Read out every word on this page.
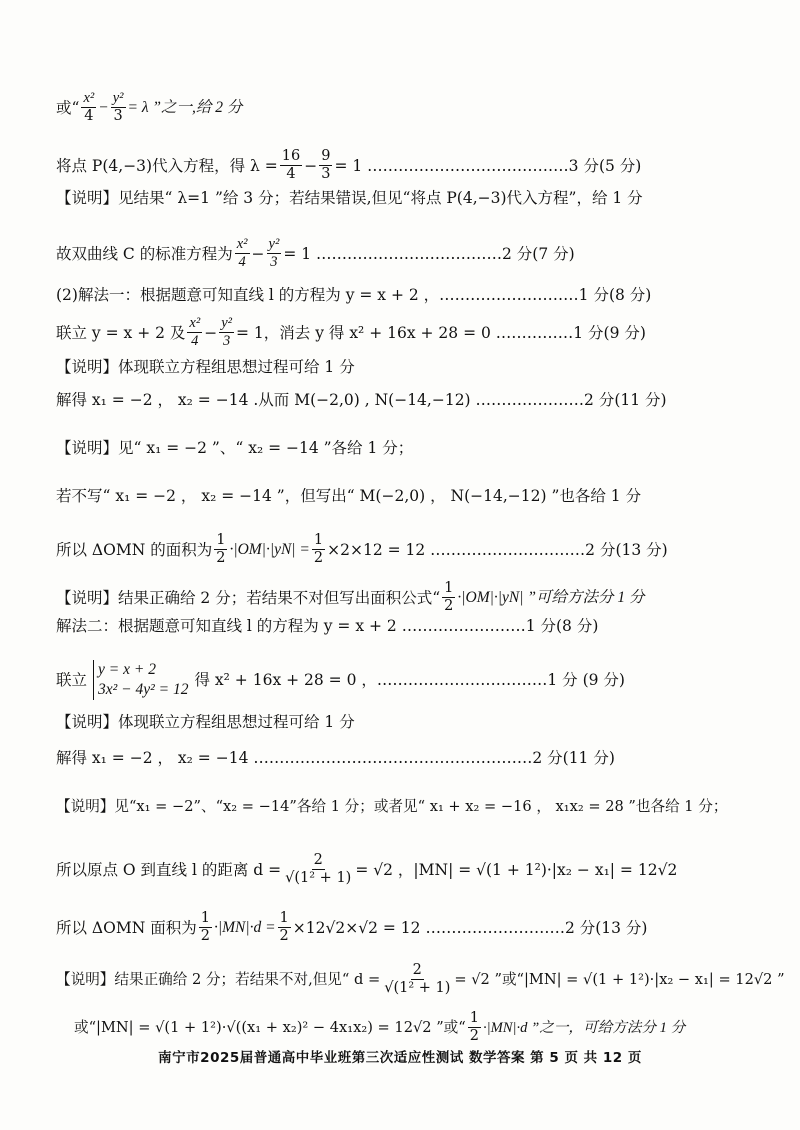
或“ $\frac{\text{x²}}{4} - \frac{\text{y²}}{3} = \lambda$ ”之一,给 2 分
将点 P(4,−3)代入方程，得 $\lambda = \frac{16}{4} - \frac{9}{3} = 1$ …………………………………3 分(5 分)
【说明】见结果“ λ=1 ”给 3 分；若结果错误,但见“将点 P(4,−3)代入方程”，给 1 分
故双曲线 C 的标准方程为 $\frac{\text{x²}}{4} - \frac{\text{y²}}{3} = 1$ ………………………………2 分(7 分)
(2)解法一：根据题意可知直线 l 的方程为 y = x + 2 ，………………………1 分(8 分)
联立 y = x + 2 及 $\frac{\text{x²}}{4} - \frac{\text{y²}}{3} = 1$，消去 y 得 x² + 16x + 28 = 0 ……………1 分(9 分)
【说明】体现联立方程组思想过程可给 1 分
解得 x₁ = −2 ， x₂ = −14 .从而 M(−2,0) , N(−14,−12) …………………2 分(11 分)
【说明】见“ x₁ = −2 ”、“ x₂ = −14 ”各给 1 分；
若不写“ x₁ = −2 ， x₂ = −14 ”，但写出“ M(−2,0) ， N(−14,−12) ”也各给 1 分
所以 ΔOMN 的面积为 $\frac{1}{2} \cdot|OM|\cdot|yN| = \frac{1}{2} \times 2\times 12 = 12$ …………………………2 分(13 分)
【说明】结果正确给 2 分；若结果不对但写出面积公式“ $\frac{1}{2} \cdot|OM|\cdot|yN|$ ”可给方法分 1 分
解法二：根据题意可知直线 l 的方程为 y = x + 2 ……………………1 分(8 分)
联立
y = x + 2
3x² − 4y² = 12
得 x² + 16x + 28 = 0 ，……………………………1 分 (9 分)
【说明】体现联立方程组思想过程可给 1 分
解得 x₁ = −2 ， x₂ = −14 ………………………………………………2 分(11 分)
【说明】见“x₁ = −2”、“x₂ = −14”各给 1 分；或者见“ x₁ + x₂ = −16 ， x₁x₂ = 28 ”也各给 1 分；
所以原点 O 到直线 l 的距离 $d = \frac{2}{\text{√(1² + 1)}} = √2$ ，|MN| = √(1 + 1²)·|x₂ − x₁| = 12√2
所以 ΔOMN 面积为 $\frac{1}{2} \cdot|MN|\cdot d = \frac{1}{2} \times 12√2\times√2 = 12$ ………………………2 分(13 分)
【说明】结果正确给 2 分；若结果不对,但见“ $d = \frac{2}{\text{√(1² + 1)}} = √2$ ”或“|MN| = √(1 + 1²)·|x₂ − x₁| = 12√2 ”
或“|MN| = √(1 + 1²)·√((x₁ + x₂)² − 4x₁x₂) = 12√2 ”或“ $\frac{1}{2} \cdot|MN|\cdot d$ ”之一，可给方法分 1 分
南宁市2025届普通高中毕业班第三次适应性测试 数学答案 第 5 页 共 12 页
